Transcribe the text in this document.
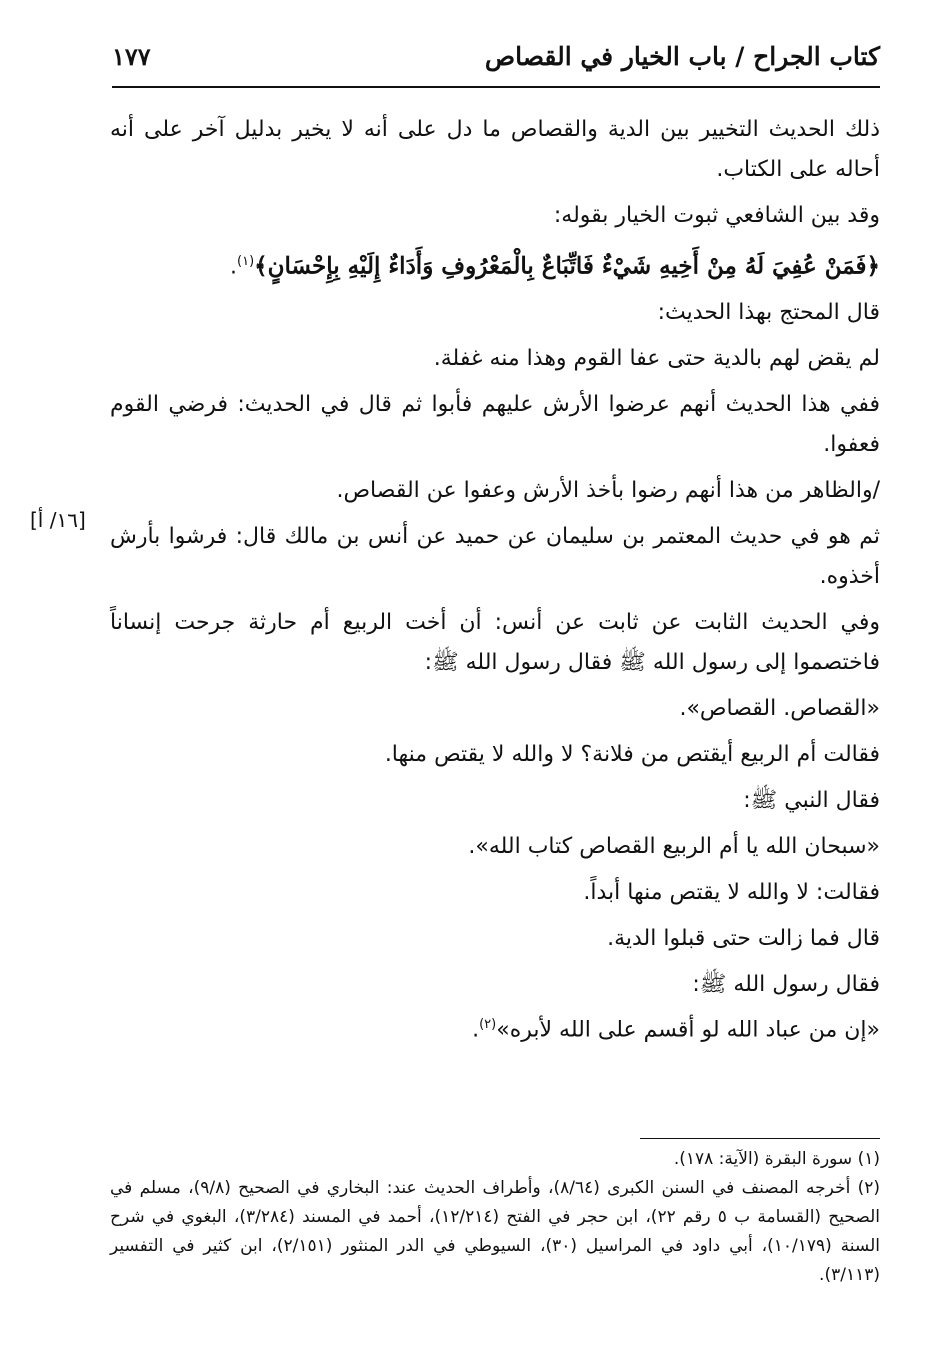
كتاب الجراح / باب الخيار في القصاص
١٧٧

ذلك الحديث التخيير بين الدية والقصاص ما دل على أنه لا يخير بدليل آخر على أنه أحاله على الكتاب.

وقد بين الشافعي ثبوت الخيار بقوله:

﴿فَمَنْ عُفِيَ لَهُ مِنْ أَخِيهِ شَيْءٌ فَاتِّبَاعٌ بِالْمَعْرُوفِ وَأَدَاءٌ إِلَيْهِ بِإِحْسَانٍ﴾$^{(١)}$.

قال المحتج بهذا الحديث:

لم يقض لهم بالدية حتى عفا القوم وهذا منه غفلة.

ففي هذا الحديث أنهم عرضوا الأرش عليهم فأبوا ثم قال في الحديث: فرضي القوم فعفوا.

/والظاهر من هذا أنهم رضوا بأخذ الأرش وعفوا عن القصاص.

ثم هو في حديث المعتمر بن سليمان عن حميد عن أنس بن مالك قال: فرشوا بأرش أخذوه.

وفي الحديث الثابت عن ثابت عن أنس: أن أخت الربيع أم حارثة جرحت إنساناً فاختصموا إلى رسول الله ﷺ فقال رسول الله ﷺ:

«القصاص. القصاص».

فقالت أم الربيع أيقتص من فلانة؟ لا والله لا يقتص منها.

فقال النبي ﷺ:

«سبحان الله يا أم الربيع القصاص كتاب الله».

فقالت: لا والله لا يقتص منها أبداً.

قال فما زالت حتى قبلوا الدية.

فقال رسول الله ﷺ:

«إن من عباد الله لو أقسم على الله لأبره»$^{(٢)}$.

[١٦/ أ]

(١) سورة البقرة (الآية: ١٧٨).

(٢) أخرجه المصنف في السنن الكبرى (٨/٦٤)، وأطراف الحديث عند: البخاري في الصحيح (٩/٨)، مسلم في الصحيح (القسامة ب ٥ رقم ٢٢)، ابن حجر في الفتح (١٢/٢١٤)، أحمد في المسند (٣/٢٨٤)، البغوي في شرح السنة (١٠/١٧٩)، أبي داود في المراسيل (٣٠)، السيوطي في الدر المنثور (٢/١٥١)، ابن كثير في التفسير (٣/١١٣).
